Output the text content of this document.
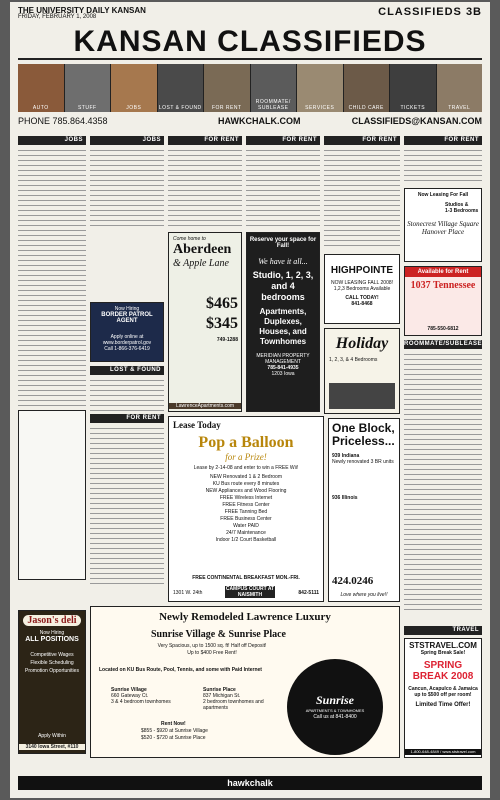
THE UNIVERSITY DAILY KANSAN
FRIDAY, FEBRUARY 1, 2008	CLASSIFIEDS 3B
KANSAN CLASSIFIEDS
AUTO	STUFF	JOBS	LOST & FOUND	FOR RENT
ROOMMATE/ SUBLEASE	SERVICES	CHILD CARE	TICKETS	TRAVEL
PHONE 785.864.4358	HAWKCHALK.COM	CLASSIFIEDS@KANSAN.COM
JOBS	JOBS	FOR RENT	FOR RENT	FOR RENT	FOR RENT
Now Hiring
BORDER PATROL AGENT
Apply online at
www.borderpatrol.gov
Call 1-866-376-6419
LOST & FOUND
FOR RENT
Come home to
Aberdeen
& Apple Lane
$465
$345
749-1288
LawrenceApartments.com
Reserve your space for Fall!
We have it all...
Studio, 1, 2, 3, and 4 bedrooms
Apartments, Duplexes, Houses, and Townhomes
MERIDIAN PROPERTY MANAGEMENT
785-841-4935
1203 Iowa
HIGHPOINTE
NOW LEASING FALL 2008!
1,2,3 Bedrooms Available
CALL TODAY!
841-8468
Holiday
1, 2, 3, & 4 Bedrooms
Now Leasing For Fall
Studios &
1-3 Bedrooms
Stonecrest Village Square Hanover Place
Available for Rent
1037 Tennessee
785-550-6812
ROOMMATE/SUBLEASE
Lease Today
Pop a Balloon
for a Prize!
Lease by 2-14-08 and enter to win a FREE Wii!
NEW Renovated 1 & 2 Bedroom
KU Bus route every 8 minutes
NEW Appliances and Wood Flooring
FREE Wireless Internet
FREE Fitness Center
FREE Tanning Bed
FREE Business Center
Water PAID
24/7 Maintenance
Indoor 1/2 Court Basketball
FREE CONTINENTAL BREAKFAST MON.-FRI.
1301 W. 24th
CAMPUS COURT AT NAISMITH	842-5111
One Block, Priceless...
939 Indiana
Newly renovated 3 BR units
936 Illinois
424.0246
Love where you live!!
Jason's deli
Now Hiring
ALL POSITIONS
Competitive Wages Flexible Scheduling Promotion Opportunities
Apply Within
3140 Iowa Street, #110
Newly Remodeled Lawrence Luxury
Sunrise Village & Sunrise Place
Very Spacious, up to 1500 sq. ft! Half off Deposit!
Up to $400 Free Rent!
Located on KU Bus Route, Pool, Tennis, and some with Paid Internet
Sunrise Village
660 Gateway Ct.
3 & 4 bedroom townhomes
Sunrise Place
837 Michigan St.
2 bedroom townhomes and apartments
Rent Now!
$855 - $920 at Sunrise Village
$520 - $720 at Sunrise Place
Sunrise
APARTMENTS & TOWNHOMES
Call us at 841-8400
TRAVEL
STSTRAVEL.COM
Spring Break Sale!
SPRING BREAK 2008
Cancun, Acapulco & Jamaica up to $500 off per room!
Limited Time Offer!
1-800-648-4849 / www.ststravel.com
hawkchalk
